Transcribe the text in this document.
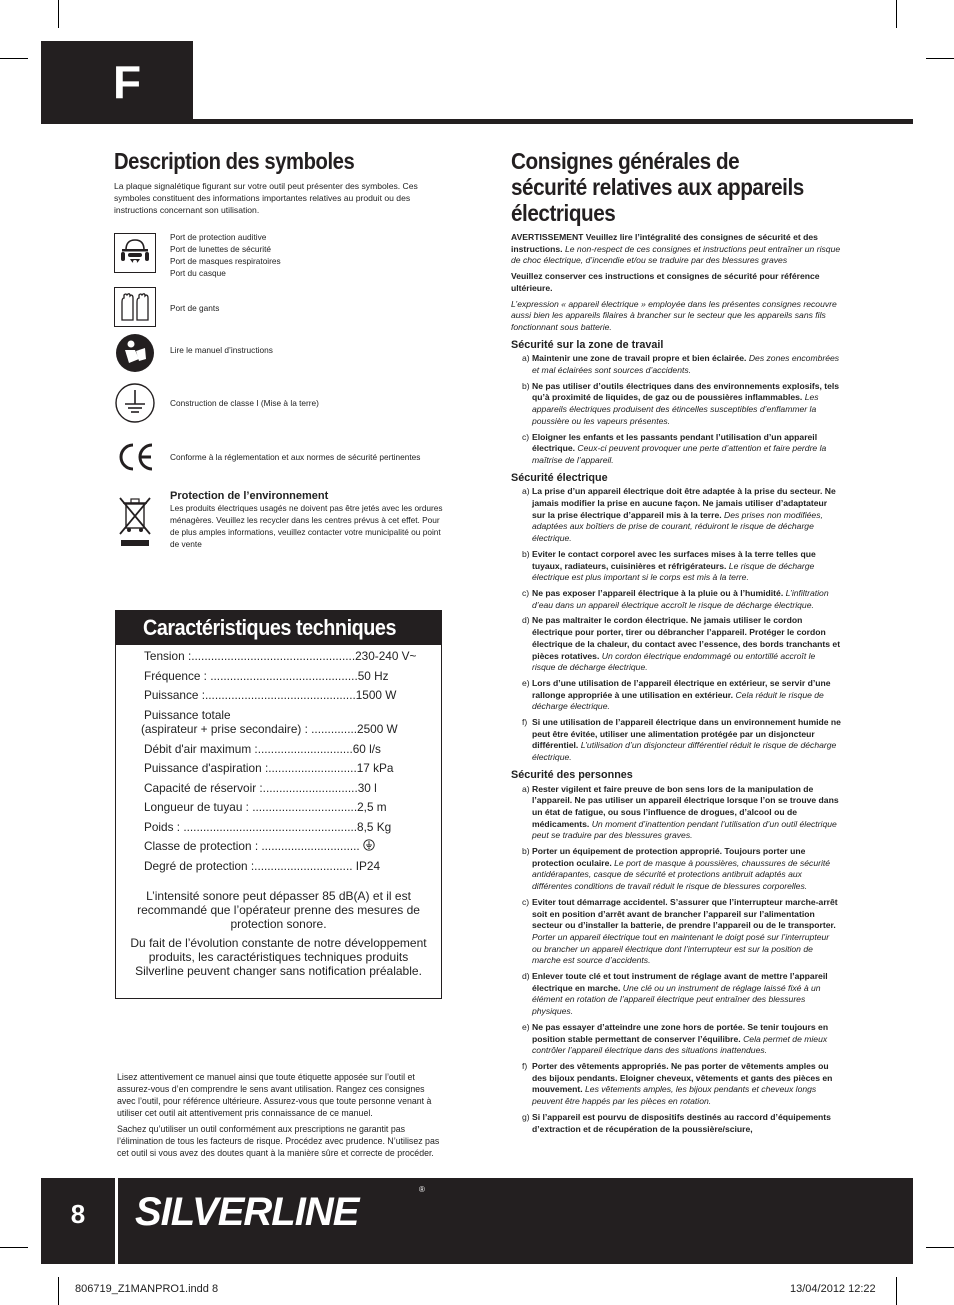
F
Description des symboles
La plaque signalétique figurant sur votre outil peut présenter des symboles. Ces symboles constituent des informations importantes relatives au produit ou des instructions concernant son utilisation.
Port de protection auditive
Port de lunettes de sécurité
Port de masques respiratoires
Port du casque
Port de gants
Lire le manuel d’instructions
Construction de classe I (Mise à la terre)
Conforme à la réglementation et aux normes de sécurité pertinentes
Protection de l’environnement
Les produits électriques usagés ne doivent pas être jetés avec les ordures ménagères. Veuillez les recycler dans les centres prévus à cet effet. Pour de plus amples informations, veuillez contacter votre municipalité ou point de vente
Caractéristiques techniques
Tension :..................................................230-240 V~
Fréquence : .............................................50 Hz
Puissance :..............................................1500 W
Puissance totale
(aspirateur + prise secondaire) : ..............2500 W
Débit d'air maximum :.............................60 l/s
Puissance d'aspiration :...........................17 kPa
Capacité de réservoir :.............................30 l
Longueur de tuyau : ................................2,5 m
Poids : .....................................................8,5 Kg
Classe de protection : ..............................
Degré de protection :.............................. IP24
L’intensité sonore peut dépasser 85 dB(A) et il est recommandé que l’opérateur prenne des mesures de protection sonore.
Du fait de l’évolution constante de notre développement produits, les caractéristiques techniques produits Silverline peuvent changer sans notification préalable.

Lisez attentivement ce manuel ainsi que toute étiquette apposée sur l’outil et assurez-vous d’en comprendre le sens avant utilisation. Rangez ces consignes avec l’outil, pour référence ultérieure. Assurez-vous que toute personne venant à utiliser cet outil ait attentivement pris connaissance de ce manuel.

Sachez qu’utiliser un outil conformément aux prescriptions ne garantit pas l’élimination de tous les facteurs de risque. Procédez avec prudence. N’utilisez pas cet outil si vous avez des doutes quant à la manière sûre et correcte de procéder.

Consignes générales de sécurité relatives aux appareils électriques

AVERTISSEMENT Veuillez lire l’intégralité des consignes de sécurité et des instructions. Le non-respect de ces consignes et instructions peut entraîner un risque de choc électrique, d’incendie et/ou se traduire par des blessures graves

Veuillez conserver ces instructions et consignes de sécurité pour référence ultérieure.

L’expression « appareil électrique » employée dans les présentes consignes recouvre aussi bien les appareils filaires à brancher sur le secteur que les appareils sans fils fonctionnant sous batterie.

Sécurité sur la zone de travail
a) Maintenir une zone de travail propre et bien éclairée. Des zones encombrées et mal éclairées sont sources d’accidents.
b) Ne pas utiliser d’outils électriques dans des environnements explosifs, tels qu’à proximité de liquides, de gaz ou de poussières inflammables. Les appareils électriques produisent des étincelles susceptibles d’enflammer la poussière ou les vapeurs présentes.
c) Eloigner les enfants et les passants pendant l’utilisation d’un appareil électrique. Ceux-ci peuvent provoquer une perte d’attention et faire perdre la maîtrise de l’appareil.
Sécurité électrique
a) La prise d’un appareil électrique doit être adaptée à la prise du secteur. Ne jamais modifier la prise en aucune façon. Ne jamais utiliser d’adaptateur sur la prise électrique d’appareil mis à la terre. Des prises non modifiées, adaptées aux boîtiers de prise de courant, réduiront le risque de décharge électrique.
b) Eviter le contact corporel avec les surfaces mises à la terre telles que tuyaux, radiateurs, cuisinières et réfrigérateurs. Le risque de décharge électrique est plus important si le corps est mis à la terre.
c) Ne pas exposer l’appareil électrique à la pluie ou à l’humidité. L’infiltration d’eau dans un appareil électrique accroît le risque de décharge électrique.
d) Ne pas maltraiter le cordon électrique. Ne jamais utiliser le cordon électrique pour porter, tirer ou débrancher l’appareil. Protéger le cordon électrique de la chaleur, du contact avec l’essence, des bords tranchants et pièces rotatives. Un cordon électrique endommagé ou entortillé accroît le risque de décharge électrique.
e) Lors d’une utilisation de l’appareil électrique en extérieur, se servir d’une rallonge appropriée à une utilisation en extérieur. Cela réduit le risque de décharge électrique.
f) Si une utilisation de l’appareil électrique dans un environnement humide ne peut être évitée, utiliser une alimentation protégée par un disjoncteur différentiel. L’utilisation d’un disjoncteur différentiel réduit le risque de décharge électrique.
Sécurité des personnes
a) Rester vigilent et faire preuve de bon sens lors de la manipulation de l’appareil. Ne pas utiliser un appareil électrique lorsque l’on se trouve dans un état de fatigue, ou sous l’influence de drogues, d’alcool ou de médicaments. Un moment d’inattention pendant l’utilisation d’un outil électrique peut se traduire par des blessures graves.
b) Porter un équipement de protection approprié. Toujours porter une protection oculaire. Le port de masque à poussières, chaussures de sécurité antidérapantes, casque de sécurité et protections antibruit adaptés aux différentes conditions de travail réduit le risque de blessures corporelles.
c) Eviter tout démarrage accidentel. S’assurer que l’interrupteur marche-arrêt soit en position d’arrêt avant de brancher l’appareil sur l’alimentation secteur ou d’installer la batterie, de prendre l’appareil ou de le transporter. Porter un appareil électrique tout en maintenant le doigt posé sur l’interrupteur ou brancher un appareil électrique dont l’interrupteur est sur la position de marche est source d’accidents.
d) Enlever toute clé et tout instrument de réglage avant de mettre l’appareil électrique en marche. Une clé ou un instrument de réglage laissé fixé à un élément en rotation de l’appareil électrique peut entraîner des blessures physiques.
e) Ne pas essayer d’atteindre une zone hors de portée. Se tenir toujours en position stable permettant de conserver l’équilibre. Cela permet de mieux contrôler l’appareil électrique dans des situations inattendues.
f) Porter des vêtements appropriés. Ne pas porter de vêtements amples ou des bijoux pendants. Eloigner cheveux, vêtements et gants des pièces en mouvement. Les vêtements amples, les bijoux pendants et cheveux longs peuvent être happés par les pièces en rotation.
g) Si l’appareil est pourvu de dispositifs destinés au raccord d’équipements d’extraction et de récupération de la poussière/sciure,
8	SILVERLINE
®
806719_Z1MANPRO1.indd 8	13/04/2012 12:22
